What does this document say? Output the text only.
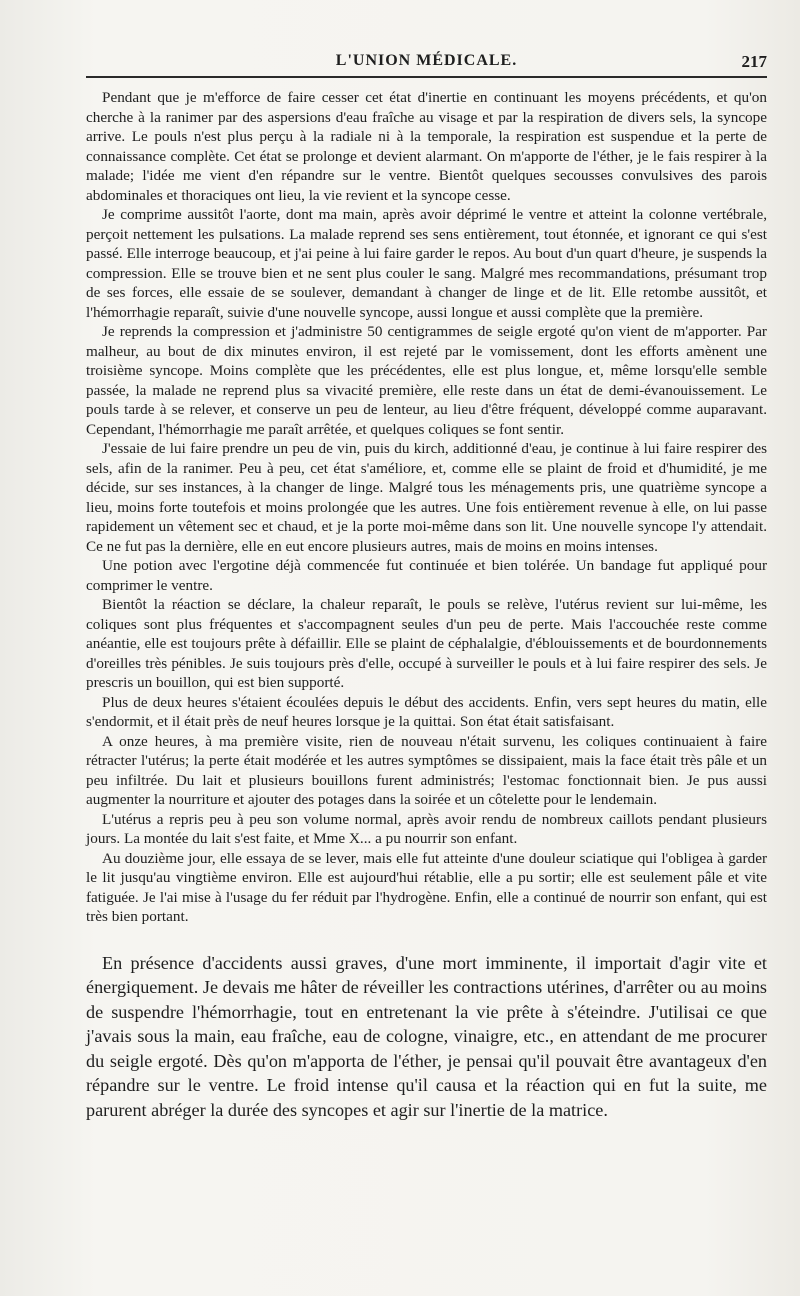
L'UNION MÉDICALE.	217

Pendant que je m'efforce de faire cesser cet état d'inertie en continuant les moyens précédents, et qu'on cherche à la ranimer par des aspersions d'eau fraîche au visage et par la respiration de divers sels, la syncope arrive. Le pouls n'est plus perçu à la radiale ni à la temporale, la respiration est suspendue et la perte de connaissance complète. Cet état se prolonge et devient alarmant. On m'apporte de l'éther, je le fais respirer à la malade; l'idée me vient d'en répandre sur le ventre. Bientôt quelques secousses convulsives des parois abdominales et thoraciques ont lieu, la vie revient et la syncope cesse.

Je comprime aussitôt l'aorte, dont ma main, après avoir déprimé le ventre et atteint la colonne vertébrale, perçoit nettement les pulsations. La malade reprend ses sens entièrement, tout étonnée, et ignorant ce qui s'est passé. Elle interroge beaucoup, et j'ai peine à lui faire garder le repos. Au bout d'un quart d'heure, je suspends la compression. Elle se trouve bien et ne sent plus couler le sang. Malgré mes recommandations, présumant trop de ses forces, elle essaie de se soulever, demandant à changer de linge et de lit. Elle retombe aussitôt, et l'hémorrhagie reparaît, suivie d'une nouvelle syncope, aussi longue et aussi complète que la première.

Je reprends la compression et j'administre 50 centigrammes de seigle ergoté qu'on vient de m'apporter. Par malheur, au bout de dix minutes environ, il est rejeté par le vomissement, dont les efforts amènent une troisième syncope. Moins complète que les précédentes, elle est plus longue, et, même lorsqu'elle semble passée, la malade ne reprend plus sa vivacité première, elle reste dans un état de demi-évanouissement. Le pouls tarde à se relever, et conserve un peu de lenteur, au lieu d'être fréquent, développé comme auparavant. Cependant, l'hémorrhagie me paraît arrêtée, et quelques coliques se font sentir.

J'essaie de lui faire prendre un peu de vin, puis du kirch, additionné d'eau, je continue à lui faire respirer des sels, afin de la ranimer. Peu à peu, cet état s'améliore, et, comme elle se plaint de froid et d'humidité, je me décide, sur ses instances, à la changer de linge. Malgré tous les ménagements pris, une quatrième syncope a lieu, moins forte toutefois et moins prolongée que les autres. Une fois entièrement revenue à elle, on lui passe rapidement un vêtement sec et chaud, et je la porte moi-même dans son lit. Une nouvelle syncope l'y attendait. Ce ne fut pas la dernière, elle en eut encore plusieurs autres, mais de moins en moins intenses.

Une potion avec l'ergotine déjà commencée fut continuée et bien tolérée. Un bandage fut appliqué pour comprimer le ventre.

Bientôt la réaction se déclare, la chaleur reparaît, le pouls se relève, l'utérus revient sur lui-même, les coliques sont plus fréquentes et s'accompagnent seules d'un peu de perte. Mais l'accouchée reste comme anéantie, elle est toujours prête à défaillir. Elle se plaint de céphalalgie, d'éblouissements et de bourdonnements d'oreilles très pénibles. Je suis toujours près d'elle, occupé à surveiller le pouls et à lui faire respirer des sels. Je prescris un bouillon, qui est bien supporté.

Plus de deux heures s'étaient écoulées depuis le début des accidents. Enfin, vers sept heures du matin, elle s'endormit, et il était près de neuf heures lorsque je la quittai. Son état était satisfaisant.

A onze heures, à ma première visite, rien de nouveau n'était survenu, les coliques continuaient à faire rétracter l'utérus; la perte était modérée et les autres symptômes se dissipaient, mais la face était très pâle et un peu infiltrée. Du lait et plusieurs bouillons furent administrés; l'estomac fonctionnait bien. Je pus aussi augmenter la nourriture et ajouter des potages dans la soirée et un côtelette pour le lendemain.

L'utérus a repris peu à peu son volume normal, après avoir rendu de nombreux caillots pendant plusieurs jours. La montée du lait s'est faite, et Mme X... a pu nourrir son enfant.

Au douzième jour, elle essaya de se lever, mais elle fut atteinte d'une douleur sciatique qui l'obligea à garder le lit jusqu'au vingtième environ. Elle est aujourd'hui rétablie, elle a pu sortir; elle est seulement pâle et vite fatiguée. Je l'ai mise à l'usage du fer réduit par l'hydrogène. Enfin, elle a continué de nourrir son enfant, qui est très bien portant.

En présence d'accidents aussi graves, d'une mort imminente, il importait d'agir vite et énergiquement. Je devais me hâter de réveiller les contractions utérines, d'arrêter ou au moins de suspendre l'hémorrhagie, tout en entretenant la vie prête à s'éteindre. J'utilisai ce que j'avais sous la main, eau fraîche, eau de cologne, vinaigre, etc., en attendant de me procurer du seigle ergoté. Dès qu'on m'apporta de l'éther, je pensai qu'il pouvait être avantageux d'en répandre sur le ventre. Le froid intense qu'il causa et la réaction qui en fut la suite, me parurent abréger la durée des syncopes et agir sur l'inertie de la matrice.
